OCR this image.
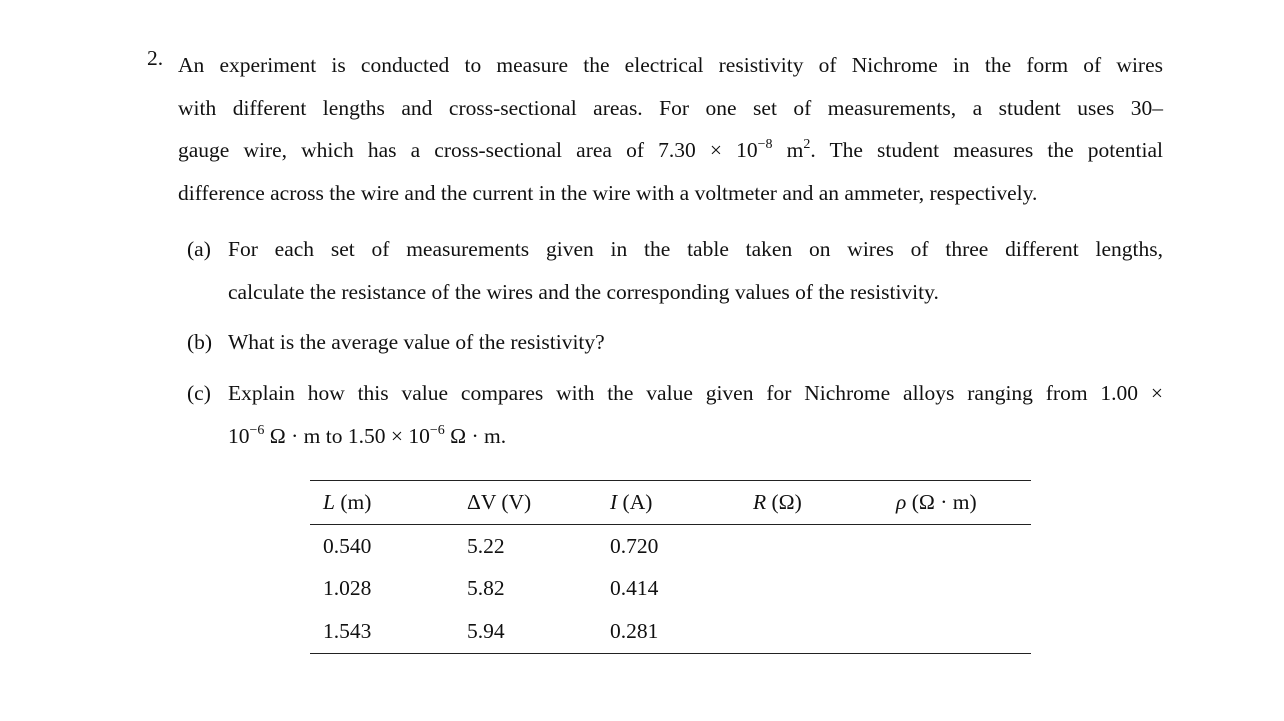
2. An experiment is conducted to measure the electrical resistivity of Nichrome in the form of wires
with different lengths and cross-sectional areas. For one set of measurements, a student uses 30–
gauge wire, which has a cross-sectional area of $7.30 \times 10^{-8}$ $m^2$. The student measures the potential
difference across the wire and the current in the wire with a voltmeter and an ammeter, respectively.
(a) For each set of measurements given in the table taken on wires of three different lengths,
calculate the resistance of the wires and the corresponding values of the resistivity.
(b) What is the average value of the resistivity?
(c) Explain how this value compares with the value given for Nichrome alloys ranging from 1.00 ×
$10^{-6}$ Ω · m to $1.50 \times 10^{-6}$ Ω · m.
L (m)	ΔV (V)	I (A)	R (Ω)	ρ (Ω · m)
0.540	5.22	0.720		
1.028	5.82	0.414		
1.543	5.94	0.281		
